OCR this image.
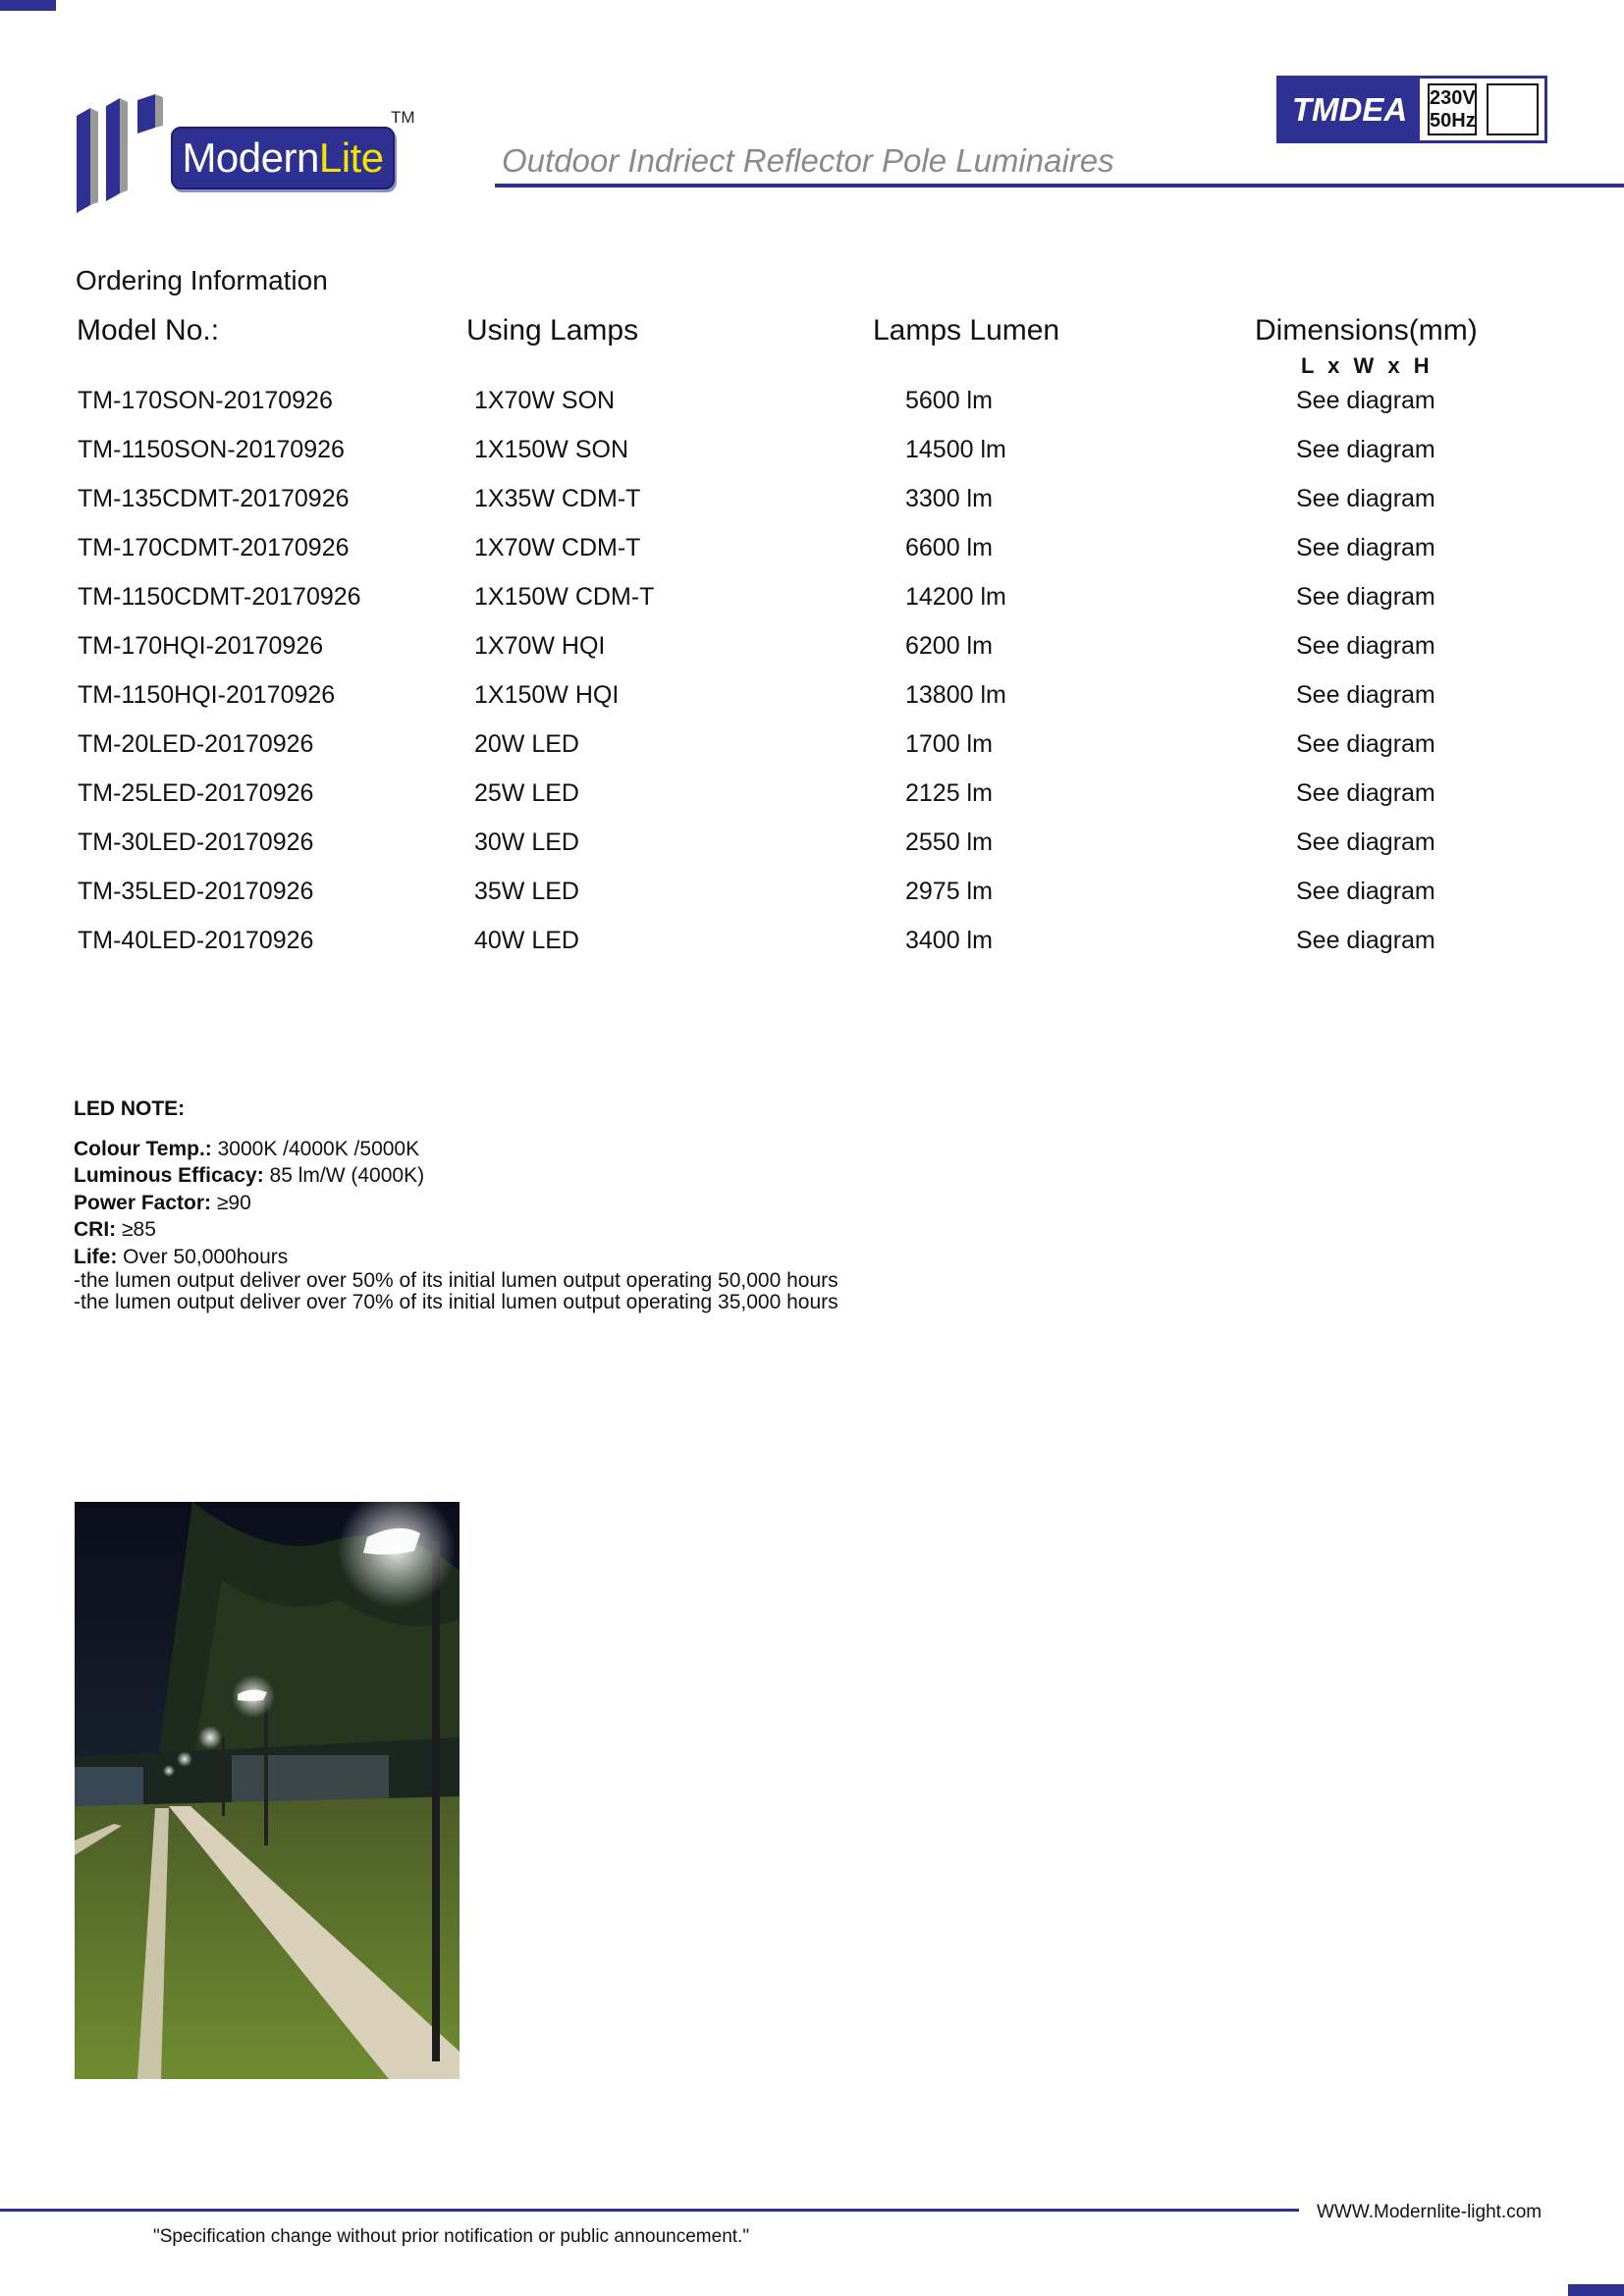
ModernLite
TM
Outdoor Indriect Reflector Pole Luminaires
TMDEA	230V
50Hz
Ordering Information
Model No.:	Using Lamps	Lamps Lumen	Dimensions(mm)
L x W x H
TM-170SON-20170926	1X70W SON	5600 lm	See diagram
TM-1150SON-20170926	1X150W SON	14500 lm	See diagram
TM-135CDMT-20170926	1X35W CDM-T	3300 lm	See diagram
TM-170CDMT-20170926	1X70W CDM-T	6600 lm	See diagram
TM-1150CDMT-20170926	1X150W CDM-T	14200 lm	See diagram
TM-170HQI-20170926	1X70W HQI	6200 lm	See diagram
TM-1150HQI-20170926	1X150W HQI	13800 lm	See diagram
TM-20LED-20170926	20W LED	1700 lm	See diagram
TM-25LED-20170926	25W LED	2125 lm	See diagram
TM-30LED-20170926	30W LED	2550 lm	See diagram
TM-35LED-20170926	35W LED	2975 lm	See diagram
TM-40LED-20170926	40W LED	3400 lm	See diagram
LED NOTE:
Colour Temp.: 3000K /4000K /5000K
Luminous Efficacy: 85 lm/W (4000K)
Power Factor: ≥90
CRI: ≥85
Life: Over 50,000hours
-the lumen output deliver over 50% of its initial lumen output operating 50,000 hours
-the lumen output deliver over 70% of its initial lumen output operating 35,000 hours
WWW.Modernlite-light.com
"Specification change without prior notification or public announcement."
